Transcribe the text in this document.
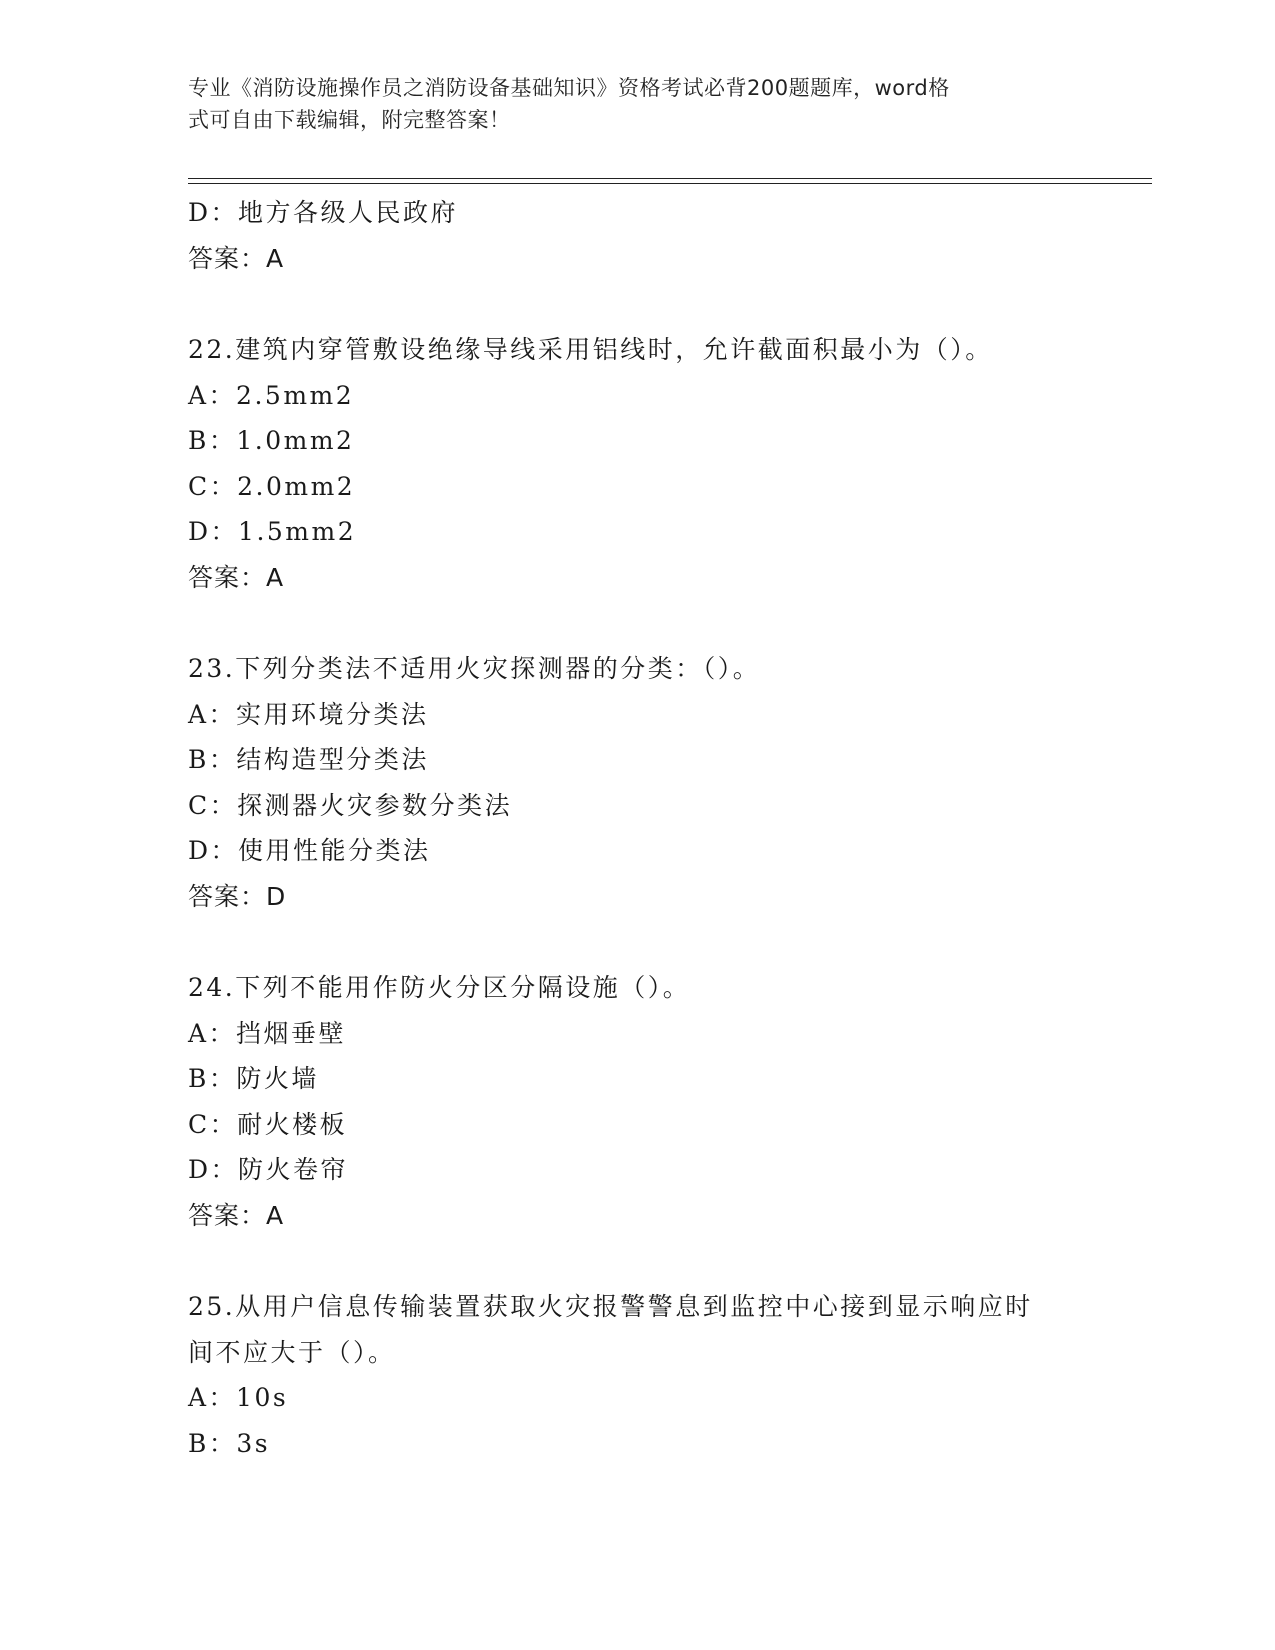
专业《消防设施操作员之消防设备基础知识》资格考试必背200题题库，word格
式可自由下载编辑，附完整答案！
D：地方各级人民政府
答案：A
22.建筑内穿管敷设绝缘导线采用铝线时，允许截面积最小为（）。
A：2.5mm2
B：1.0mm2
C：2.0mm2
D：1.5mm2
答案：A
23.下列分类法不适用火灾探测器的分类：（）。
A：实用环境分类法
B：结构造型分类法
C：探测器火灾参数分类法
D：使用性能分类法
答案：D
24.下列不能用作防火分区分隔设施（）。
A：挡烟垂壁
B：防火墙
C：耐火楼板
D：防火卷帘
答案：A
25.从用户信息传输装置获取火灾报警警息到监控中心接到显示响应时
间不应大于（）。
A：10s
B：3s
